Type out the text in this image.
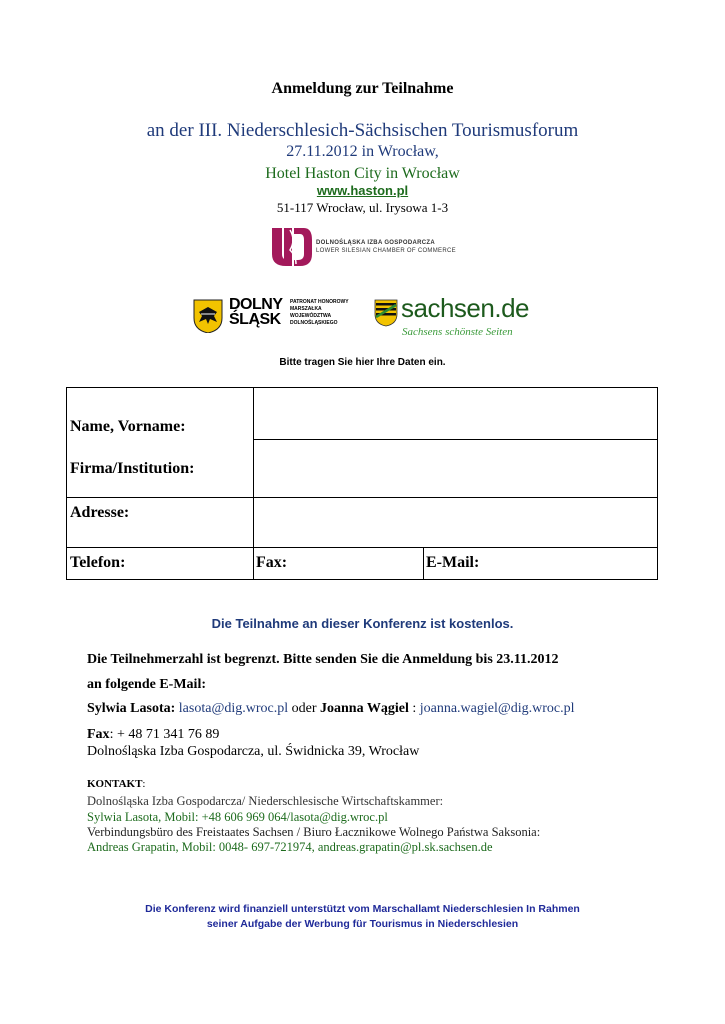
Anmeldung zur Teilnahme
an der III. Niederschlesich-Sächsischen Tourismusforum
27.11.2012 in Wrocław,
Hotel Haston City in Wrocław
www.haston.pl
51-117 Wrocław, ul. Irysowa 1-3
DOLNOŚLĄSKA IZBA GOSPODARCZA
LOWER SILESIAN CHAMBER OF COMMERCE
DOLNY
ŚLĄSK
PATRONAT HONOROWY
MARSZAŁKA
WOJEWÓDZTWA
DOLNOŚLĄSKIEGO	sachsen.de
Sachsens schönste Seiten
Bitte tragen Sie hier Ihre Daten ein.
Name, Vorname:
Firma/Institution:
Adresse:
Telefon:	Fax:	E-Mail:
Die Teilnahme an dieser Konferenz ist kostenlos.
Die Teilnehmerzahl ist begrenzt. Bitte senden Sie die Anmeldung bis 23.11.2012
an folgende E-Mail:
Sylwia Lasota: lasota@dig.wroc.pl oder Joanna Wągiel : joanna.wagiel@dig.wroc.pl
Fax: + 48 71 341 76 89
Dolnośląska Izba Gospodarcza, ul. Świdnicka 39, Wrocław
KONTAKT:
Dolnośląska Izba Gospodarcza/ Niederschlesische Wirtschaftskammer:
Sylwia Lasota, Mobil: +48 606 969 064/lasota@dig.wroc.pl
Verbindungsbüro des Freistaates Sachsen / Biuro Łacznikowe Wolnego Państwa Saksonia:
Andreas Grapatin, Mobil: 0048- 697-721974, andreas.grapatin@pl.sk.sachsen.de
Die Konferenz wird finanziell unterstützt vom Marschallamt Niederschlesien In Rahmen
seiner Aufgabe der Werbung für Tourismus in Niederschlesien
